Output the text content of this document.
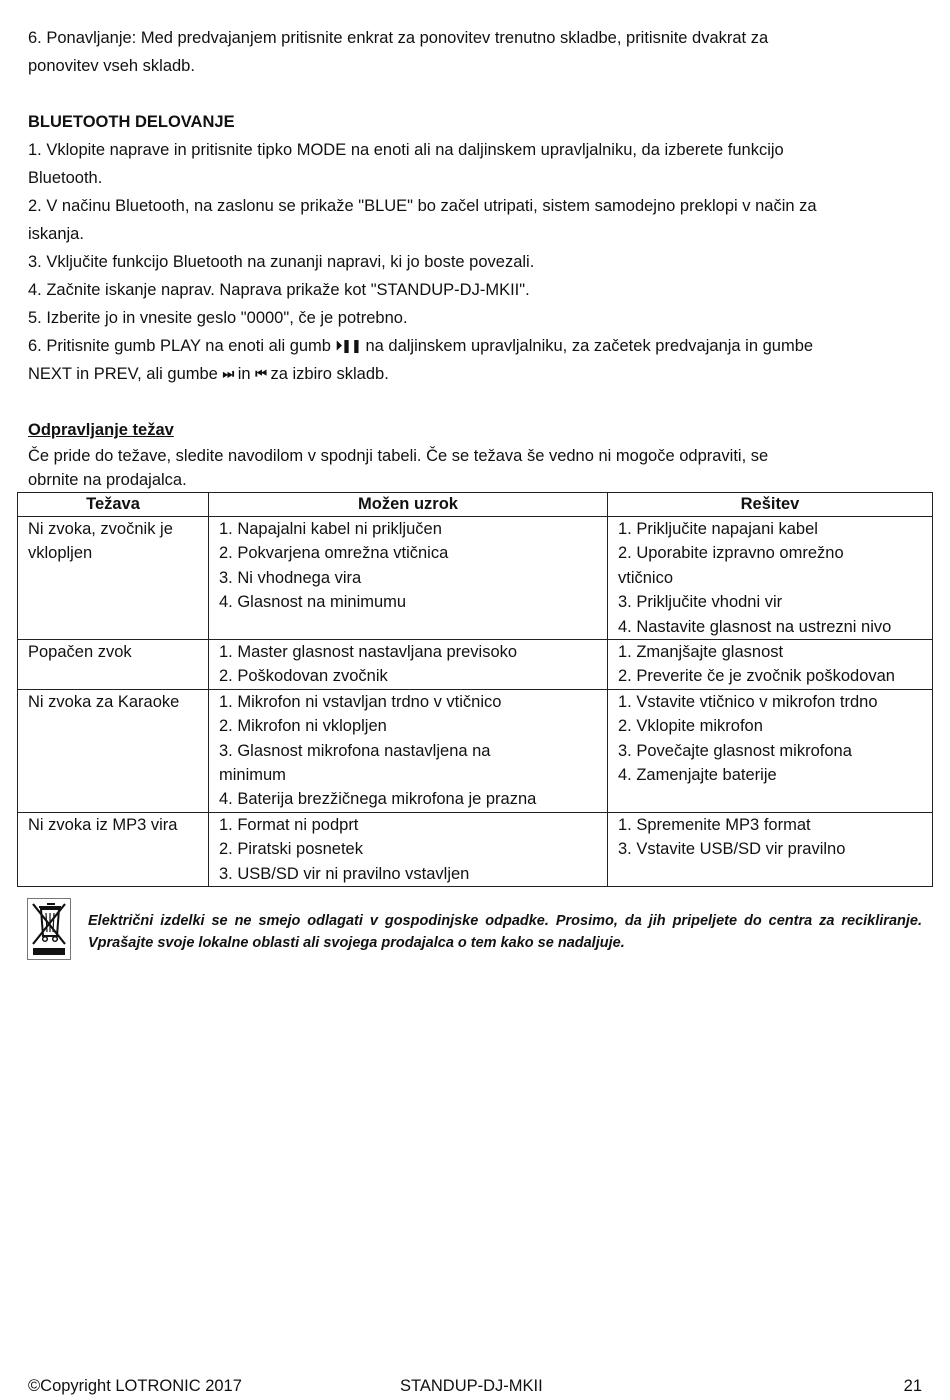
6. Ponavljanje: Med predvajanjem pritisnite enkrat za ponovitev trenutno skladbe, pritisnite dvakrat za

ponovitev vseh skladb.

BLUETOOTH DELOVANJE

1. Vklopite naprave in pritisnite tipko MODE na enoti ali na daljinskem upravljalniku, da izberete funkcijo

Bluetooth.

2. V načinu Bluetooth, na zaslonu se prikaže "BLUE" bo začel utripati, sistem samodejno preklopi v način za

iskanja.

3. Vključite funkcijo Bluetooth na zunanji napravi, ki jo boste povezali.

4. Začnite iskanje naprav. Naprava prikaže kot "STANDUP-DJ-MKII".

5. Izberite jo in vnesite geslo "0000", če je potrebno.

6. Pritisnite gumb PLAY na enoti ali gumb ⏵❚❚ na daljinskem upravljalniku, za začetek predvajanja in gumbe

NEXT in PREV, ali gumbe ⏭ in ⏮ za izbiro skladb.

Odpravljanje težav

Če pride do težave, sledite navodilom v spodnji tabeli. Če se težava še vedno ni mogoče odpraviti, se

obrnite na prodajalca.

Težava	Možen uzrok	Rešitev

Ni zvoka, zvočnik je
vklopljen	1. Napajalni kabel ni priključen
2. Pokvarjena omrežna vtičnica
3. Ni vhodnega vira
4. Glasnost na minimumu	1. Priključite napajani kabel
2. Uporabite izpravno omrežno
vtičnico
3. Priključite vhodni vir
4. Nastavite glasnost na ustrezni nivo

Popačen zvok	1. Master glasnost nastavljana previsoko
2. Poškodovan zvočnik	1. Zmanjšajte glasnost
2. Preverite če je zvočnik poškodovan

Ni zvoka za Karaoke	1. Mikrofon ni vstavljan trdno v vtičnico
2. Mikrofon ni vklopljen
3. Glasnost mikrofona nastavljena na
minimum
4. Baterija brezžičnega mikrofona je prazna	1. Vstavite vtičnico v mikrofon trdno
2. Vklopite mikrofon
3. Povečajte glasnost mikrofona
4. Zamenjajte baterije

Ni zvoka iz MP3 vira	1. Format ni podprt
2. Piratski posnetek
3. USB/SD vir ni pravilno vstavljen	1. Spremenite MP3 format
3. Vstavite USB/SD vir pravilno

Električni izdelki se ne smejo odlagati v gospodinjske odpadke. Prosimo, da jih pripeljete do centra za recikliranje. Vprašajte svoje lokalne oblasti ali svojega prodajalca o tem kako se nadaljuje.

©Copyright LOTRONIC 2017	STANDUP-DJ-MKII	21
